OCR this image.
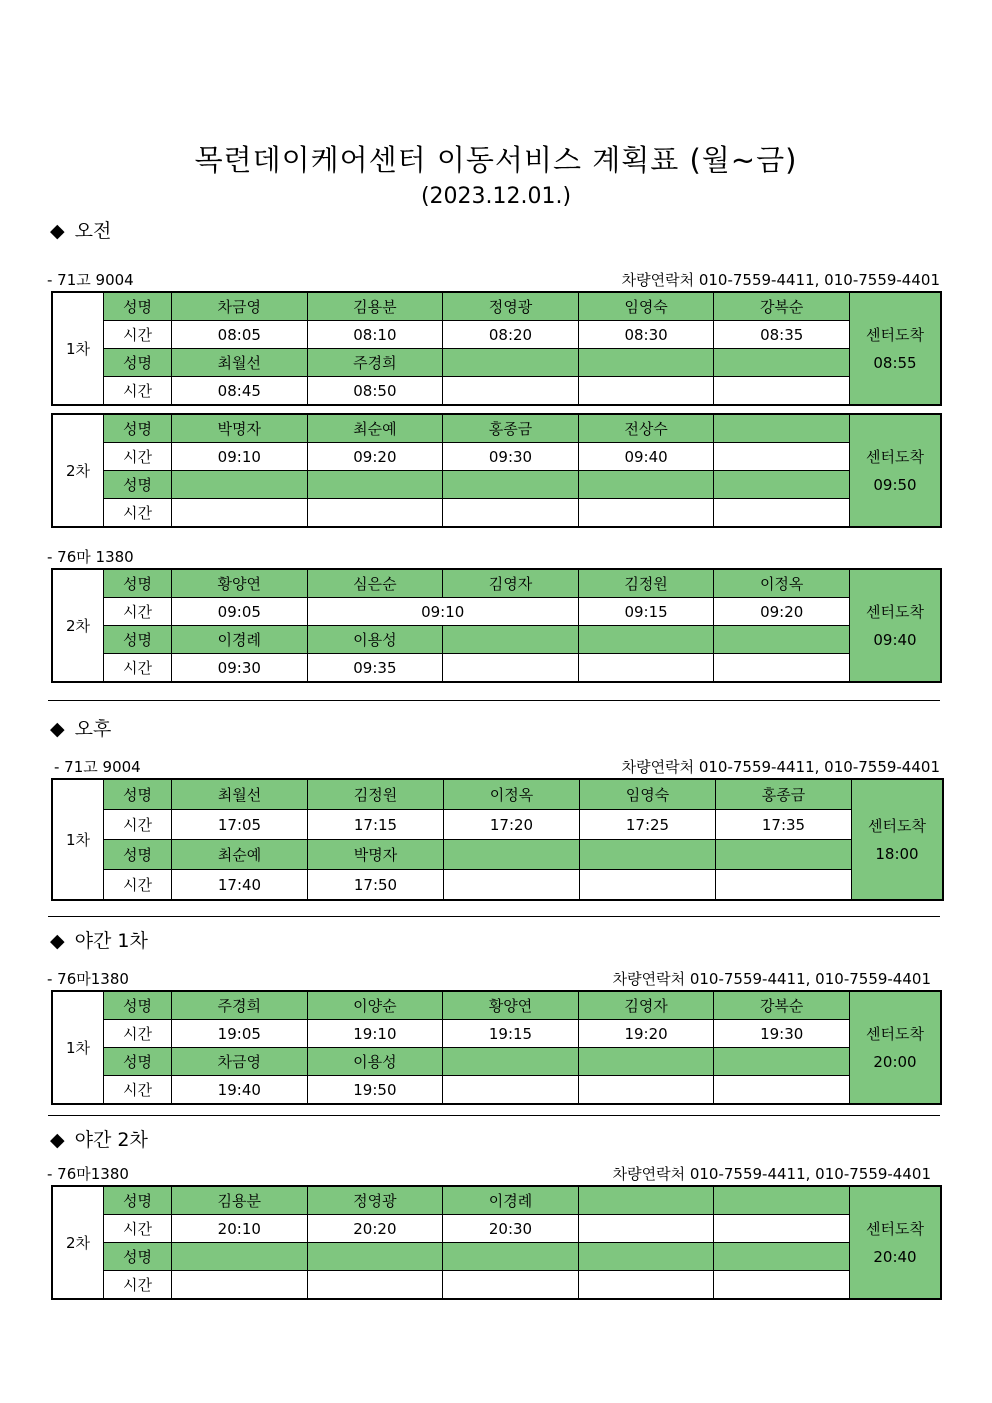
목련데이케어센터 이동서비스 계획표 (월~금)
(2023.12.01.)
◆ 오전
- 71고 9004	차량연락처 010-7559-4411, 010-7559-4401
1차	성명	차금영	김용분	정영광	임영숙	강복순	센터도착
08:55

	시간	08:05	08:10	08:20	08:30	08:35	
	성명	최월선	주경희				
	시간	08:45	08:50				
2차	성명	박명자	최순예	홍종금	전상수		센터도착
09:50

	시간	09:10	09:20	09:30	09:40		
	성명						
	시간						
- 76마 1380
2차	성명	황양연	심은순	김영자	김정원	이정옥	센터도착
09:40

	시간	09:05	09:10		09:15	09:20	
	성명	이경례	이용성				
	시간	09:30	09:35				
◆ 오후
- 71고 9004	차량연락처 010-7559-4411, 010-7559-4401
1차	성명	최월선	김정원	이정옥	임영숙	홍종금	센터도착
18:00

	시간	17:05	17:15	17:20	17:25	17:35	
	성명	최순예	박명자				
	시간	17:40	17:50				
◆ 야간 1차
- 76마1380	차량연락처 010-7559-4411, 010-7559-4401
1차	성명	주경희	이양순	황양연	김영자	강복순	센터도착
20:00

	시간	19:05	19:10	19:15	19:20	19:30	
	성명	차금영	이용성				
	시간	19:40	19:50				
◆ 야간 2차
- 76마1380	차량연락처 010-7559-4411, 010-7559-4401
2차	성명	김용분	정영광	이경례			센터도착
20:40

	시간	20:10	20:20	20:30			
	성명						
	시간						
